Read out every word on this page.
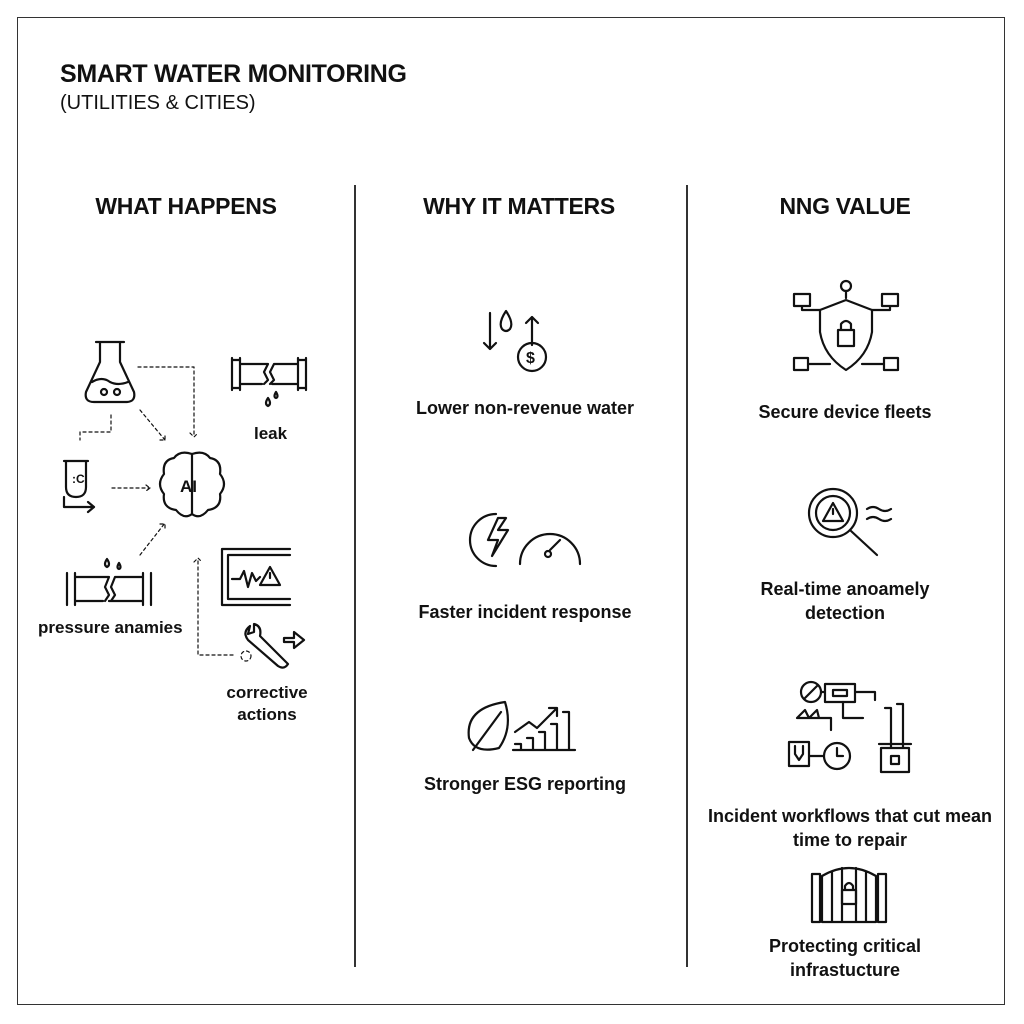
SMART WATER MONITORING
(UTILITIES & CITIES)
WHAT HAPPENS	WHY IT MATTERS	NNG VALUE
:C	AI
leak
pressure anamies
corrective actions
$
Lower non-revenue water
Faster incident response
Stronger ESG reporting
Secure device fleets
Real-time anoamely detection
Incident workflows that cut mean time to repair
Protecting critical infrastucture
